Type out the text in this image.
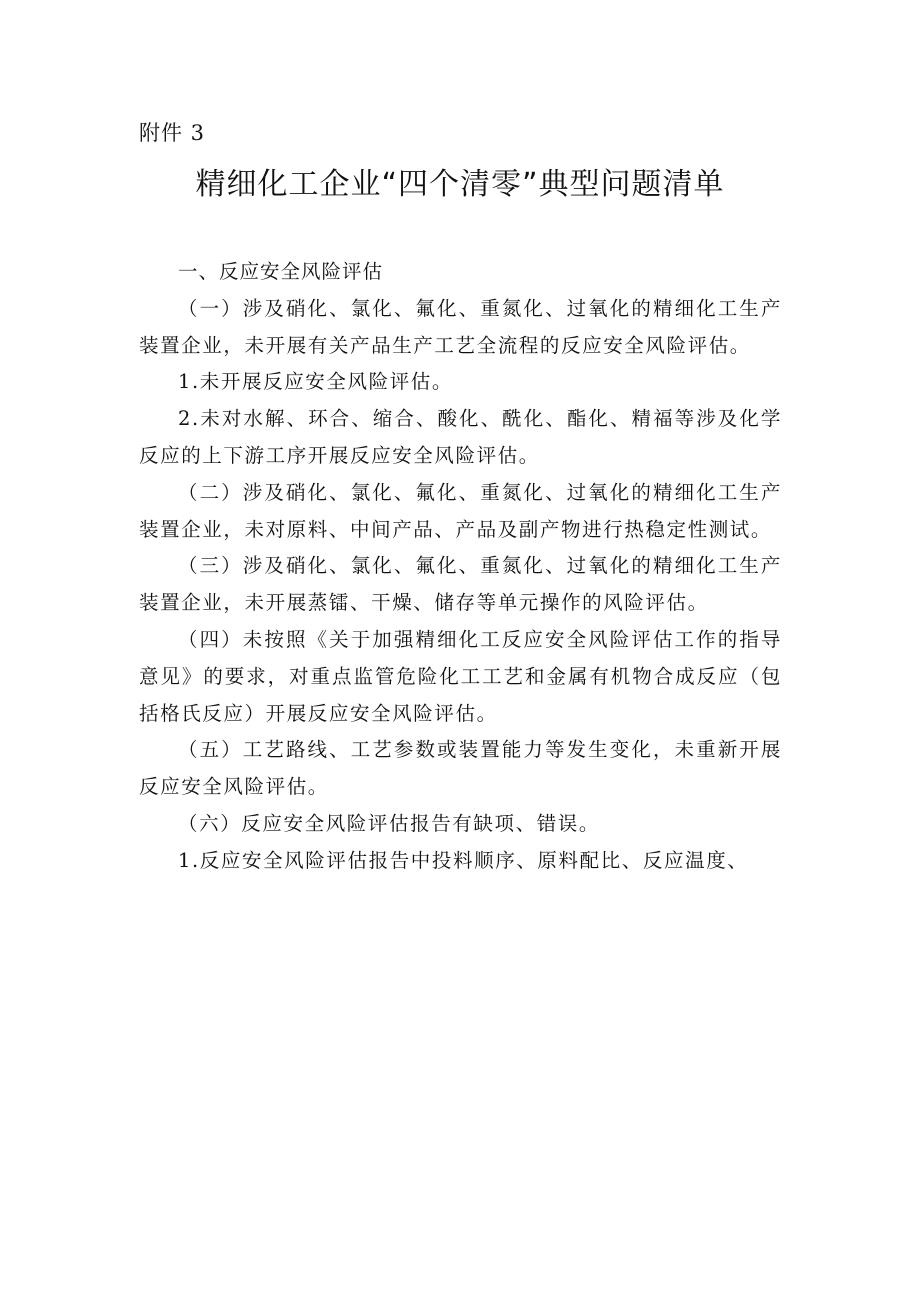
附件 3
精细化工企业“四个清零”典型问题清单

一、反应安全风险评估

（一）涉及硝化、氯化、氟化、重氮化、过氧化的精细化工生产装置企业，未开展有关产品生产工艺全流程的反应安全风险评估。

1.未开展反应安全风险评估。

2.未对水解、环合、缩合、酸化、酰化、酯化、精福等涉及化学反应的上下游工序开展反应安全风险评估。

（二）涉及硝化、氯化、氟化、重氮化、过氧化的精细化工生产装置企业，未对原料、中间产品、产品及副产物进行热稳定性测试。

（三）涉及硝化、氯化、氟化、重氮化、过氧化的精细化工生产装置企业，未开展蒸镭、干燥、储存等单元操作的风险评估。

（四）未按照《关于加强精细化工反应安全风险评估工作的指导意见》的要求，对重点监管危险化工工艺和金属有机物合成反应（包括格氏反应）开展反应安全风险评估。

（五）工艺路线、工艺参数或装置能力等发生变化，未重新开展反应安全风险评估。

（六）反应安全风险评估报告有缺项、错误。

1.反应安全风险评估报告中投料顺序、原料配比、反应温度、
